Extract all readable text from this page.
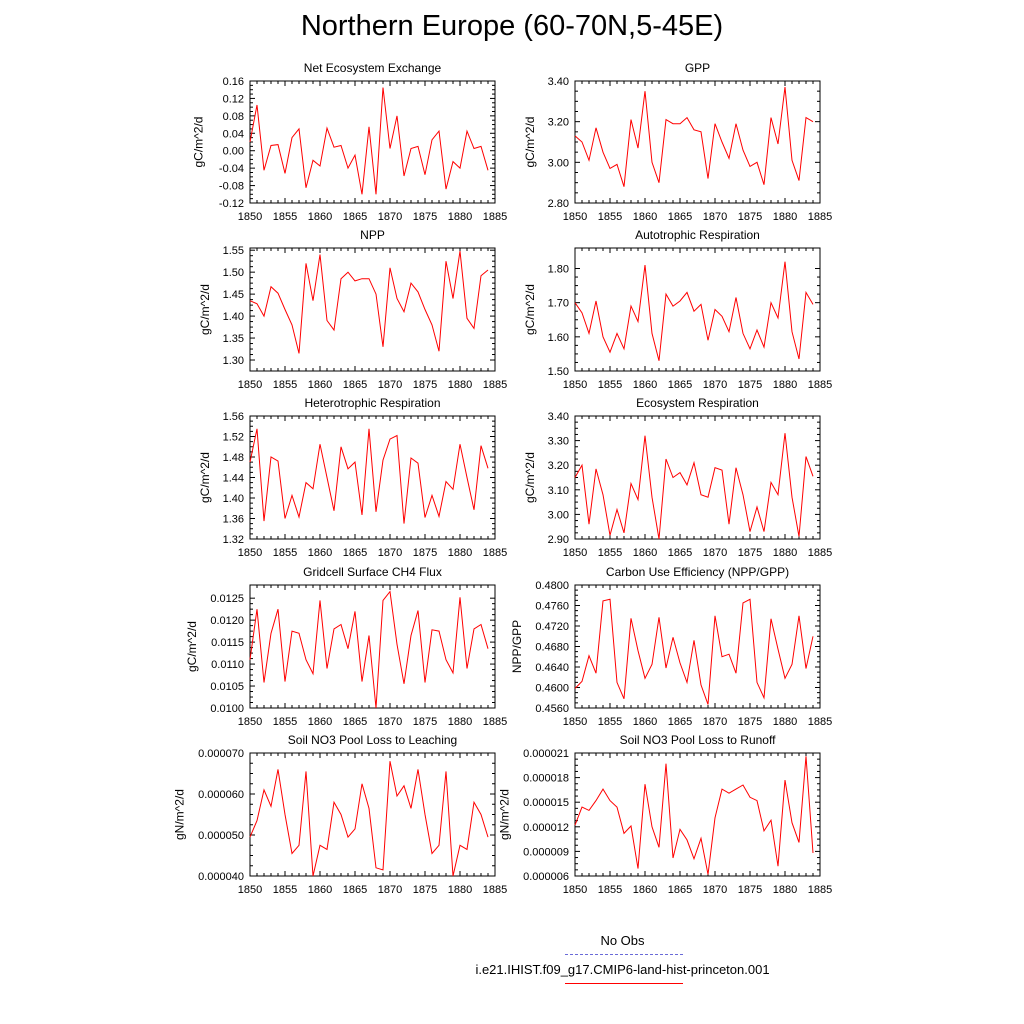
Northern Europe (60-70N,5-45E)
Net Ecosystem Exchange
1850 1855 1860 1865 1870 1875 1880 1885
-0.12
-0.08
-0.04
0.00
0.04
0.08
0.12
0.16
gC/m^2/d
GPP
1850 1855 1860 1865 1870 1875 1880 1885
2.80
3.00
3.20
3.40
gC/m^2/d
NPP
1850 1855 1860 1865 1870 1875 1880 1885
1.30
1.35
1.40
1.45
1.50
1.55
gC/m^2/d
Autotrophic Respiration
1850 1855 1860 1865 1870 1875 1880 1885
1.50
1.60
1.70
1.80
gC/m^2/d
Heterotrophic Respiration
1850 1855 1860 1865 1870 1875 1880 1885
1.32
1.36
1.40
1.44
1.48
1.52
1.56
gC/m^2/d
Ecosystem Respiration
1850 1855 1860 1865 1870 1875 1880 1885
2.90
3.00
3.10
3.20
3.30
3.40
gC/m^2/d
Gridcell Surface CH4 Flux
1850 1855 1860 1865 1870 1875 1880 1885
0.0100
0.0105
0.0110
0.0115
0.0120
0.0125
gC/m^2/d
Carbon Use Efficiency (NPP/GPP)
1850 1855 1860 1865 1870 1875 1880 1885
0.4560
0.4600
0.4640
0.4680
0.4720
0.4760
0.4800
NPP/GPP
Soil NO3 Pool Loss to Leaching
1850 1855 1860 1865 1870 1875 1880 1885
0.000040
0.000050
0.000060
0.000070
gN/m^2/d
Soil NO3 Pool Loss to Runoff
1850 1855 1860 1865 1870 1875 1880 1885
0.000006
0.000009
0.000012
0.000015
0.000018
0.000021
gN/m^2/d
No Obs
i.e21.IHIST.f09_g17.CMIP6-land-hist-princeton.001
